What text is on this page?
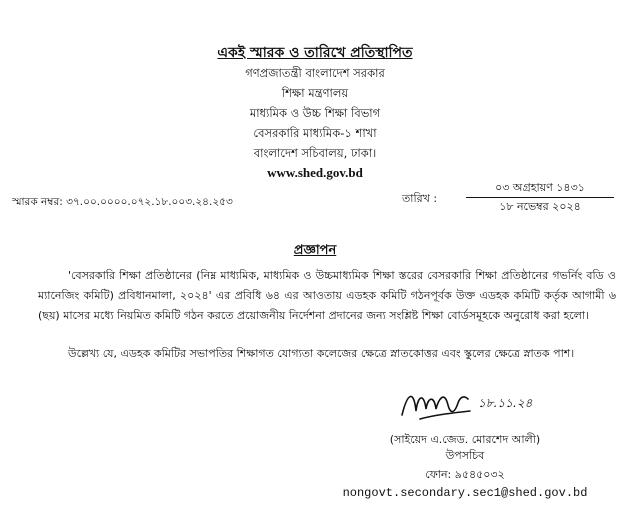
একই স্মারক ও তারিখে প্রতিস্থাপিত
গণপ্রজাতন্ত্রী বাংলাদেশ সরকার
শিক্ষা মন্ত্রণালয়
মাধ্যমিক ও উচ্চ শিক্ষা বিভাগ
বেসরকারি মাধ্যমিক-১ শাখা
বাংলাদেশ সচিবালয়, ঢাকা।
www.shed.gov.bd
স্মারক নম্বর: ৩৭.০০.০০০০.০৭২.১৮.০০৩.২৪.২৫৩	তারিখ :
০৩ অগ্রহায়ণ ১৪৩১
১৮ নভেম্বর ২০২৪
প্রজ্ঞাপন
'বেসরকারি শিক্ষা প্রতিষ্ঠানের (নিম্ন মাধ্যমিক, মাধ্যমিক ও উচ্চমাধ্যমিক শিক্ষা স্তরের বেসরকারি শিক্ষা প্রতিষ্ঠানের গভর্নিং বডি ও ম্যানেজিং কমিটি) প্রবিধানমালা, ২০২৪' এর প্রবিধি ৬৪ এর আওতায় এডহক কমিটি গঠনপূর্বক উক্ত এডহক কমিটি কর্তৃক আগামী ৬ (ছয়) মাসের মধ্যে নিয়মিত কমিটি গঠন করতে প্রয়োজনীয় নির্দেশনা প্রদানের জন্য সংশ্লিষ্ট শিক্ষা বোর্ডসমূহকে অনুরোধ করা হলো।
উল্লেখ্য যে, এডহক কমিটির সভাপতির শিক্ষাগত যোগ্যতা কলেজের ক্ষেত্রে স্নাতকোত্তর এবং স্কুলের ক্ষেত্রে স্নাতক পাশ।
১৮.১১.২৪
(সাইয়েদ এ.জেড. মোরশেদ আলী)
উপসচিব
ফোন: ৯৫৪৫০৩২
nongovt.secondary.sec1@shed.gov.bd
